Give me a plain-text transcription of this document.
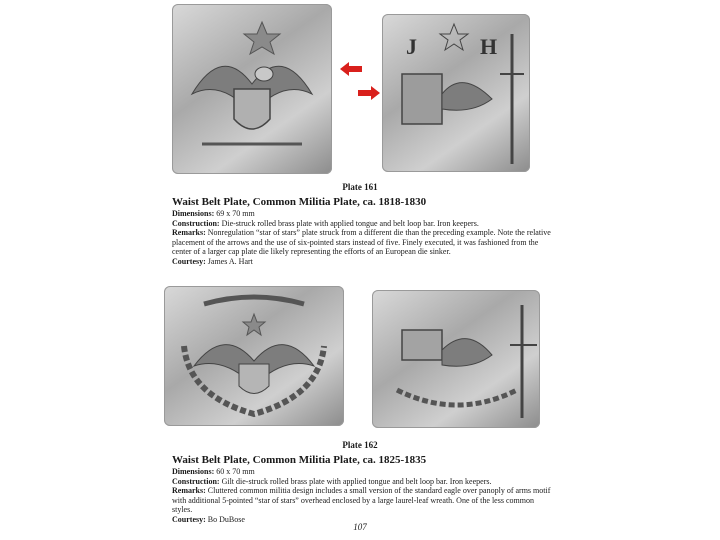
J	H
Plate 161
Waist Belt Plate, Common Militia Plate, ca. 1818-1830
Dimensions: 69 x 70 mm
Construction: Die-struck rolled brass plate with applied tongue and belt loop bar. Iron keepers.
Remarks: Nonregulation “star of stars” plate struck from a different die than the preceding example. Note the relative placement of the arrows and the use of six-pointed stars instead of five. Finely executed, it was fashioned from the center of a larger cap plate die likely representing the efforts of an European die sinker.
Courtesy: James A. Hart
Plate 162
Waist Belt Plate, Common Militia Plate, ca. 1825-1835
Dimensions: 60 x 70 mm
Construction: Gilt die-struck rolled brass plate with applied tongue and belt loop bar. Iron keepers.
Remarks: Cluttered common militia design includes a small version of the standard eagle over panoply of arms motif with additional 5-pointed “star of stars” overhead enclosed by a large laurel-leaf wreath. One of the less common styles.
Courtesy: Bo DuBose
107
